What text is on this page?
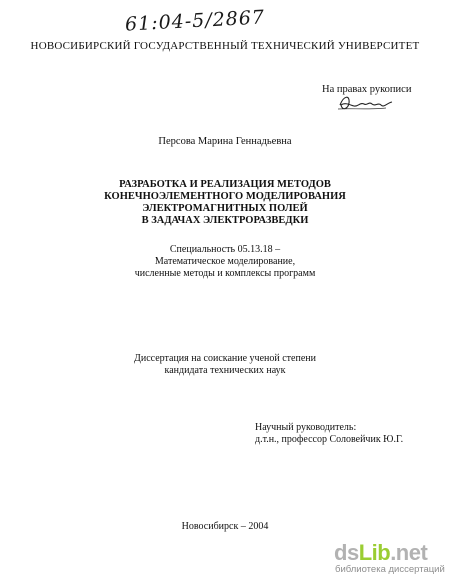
61:04-5/2867
НОВОСИБИРСКИЙ ГОСУДАРСТВЕННЫЙ ТЕХНИЧЕСКИЙ УНИВЕРСИТЕТ
На правах рукописи
Персова Марина Геннадьевна
РАЗРАБОТКА И РЕАЛИЗАЦИЯ МЕТОДОВ
КОНЕЧНОЭЛЕМЕНТНОГО МОДЕЛИРОВАНИЯ
ЭЛЕКТРОМАГНИТНЫХ ПОЛЕЙ
В ЗАДАЧАХ ЭЛЕКТРОРАЗВЕДКИ
Специальность 05.13.18 –
Математическое моделирование,
численные методы и комплексы программ
Диссертация на соискание ученой степени
кандидата технических наук
Научный руководитель:
д.т.н., профессор Соловейчик Ю.Г.
Новосибирск – 2004
dsLib.net
библиотека диссертаций
